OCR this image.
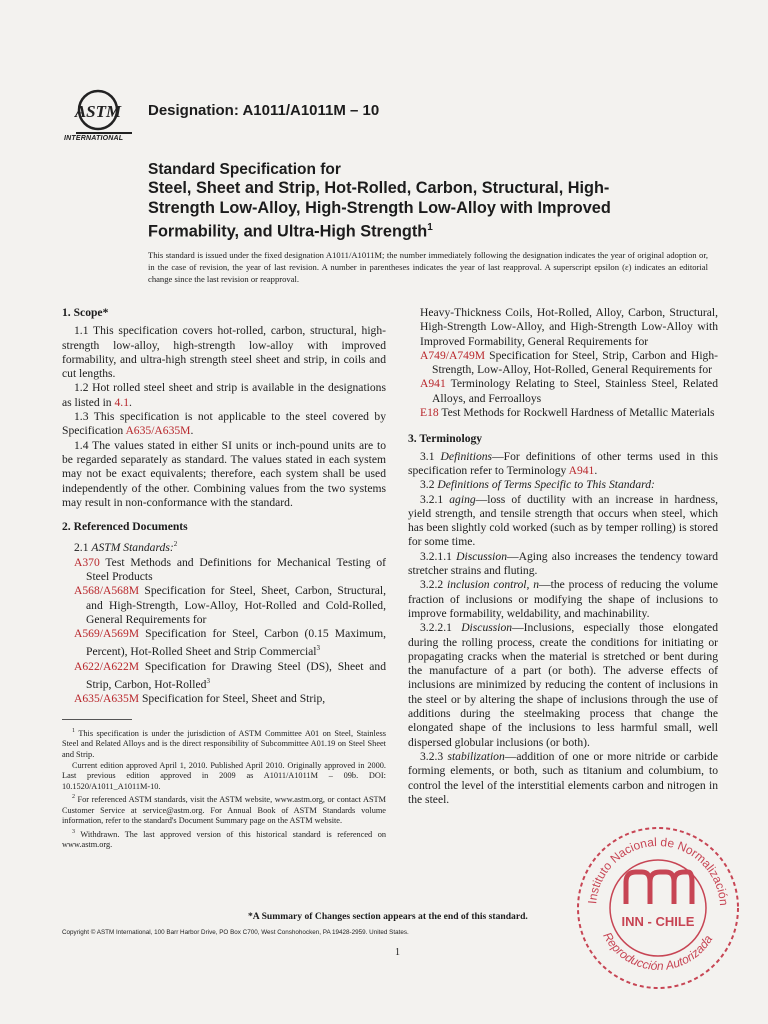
ASTM
INTERNATIONAL
Designation: A1011/A1011M – 10
Standard Specification for
Steel, Sheet and Strip, Hot-Rolled, Carbon, Structural, High-
Strength Low-Alloy, High-Strength Low-Alloy with Improved
Formability, and Ultra-High Strength$^1$
This standard is issued under the fixed designation A1011/A1011M; the number immediately following the designation indicates the year of original adoption or, in the case of revision, the year of last revision. A number in parentheses indicates the year of last reapproval. A superscript epsilon (ε) indicates an editorial change since the last revision or reapproval.

1. Scope*

1.1 This specification covers hot-rolled, carbon, structural, high-strength low-alloy, high-strength low-alloy with improved formability, and ultra-high strength steel sheet and strip, in coils and cut lengths.

1.2 Hot rolled steel sheet and strip is available in the designations as listed in 4.1.

1.3 This specification is not applicable to the steel covered by Specification A635/A635M.

1.4 The values stated in either SI units or inch-pound units are to be regarded separately as standard. The values stated in each system may not be exact equivalents; therefore, each system shall be used independently of the other. Combining values from the two systems may result in non-conformance with the standard.

2. Referenced Documents

2.1 ASTM Standards:$^2$

A370 Test Methods and Definitions for Mechanical Testing of Steel Products

A568/A568M Specification for Steel, Sheet, Carbon, Structural, and High-Strength, Low-Alloy, Hot-Rolled and Cold-Rolled, General Requirements for

A569/A569M Specification for Steel, Carbon (0.15 Maximum, Percent), Hot-Rolled Sheet and Strip Commercial$^3$

A622/A622M Specification for Drawing Steel (DS), Sheet and Strip, Carbon, Hot-Rolled$^3$

A635/A635M Specification for Steel, Sheet and Strip,

$^1$ This specification is under the jurisdiction of ASTM Committee A01 on Steel, Stainless Steel and Related Alloys and is the direct responsibility of Subcommittee A01.19 on Steel Sheet and Strip.

Current edition approved April 1, 2010. Published April 2010. Originally approved in 2000. Last previous edition approved in 2009 as A1011/A1011M – 09b. DOI: 10.1520/A1011_A1011M-10.

$^2$ For referenced ASTM standards, visit the ASTM website, www.astm.org, or contact ASTM Customer Service at service@astm.org. For Annual Book of ASTM Standards volume information, refer to the standard's Document Summary page on the ASTM website.

$^3$ Withdrawn. The last approved version of this historical standard is referenced on www.astm.org.

Heavy-Thickness Coils, Hot-Rolled, Alloy, Carbon, Structural, High-Strength Low-Alloy, and High-Strength Low-Alloy with Improved Formability, General Requirements for

A749/A749M Specification for Steel, Strip, Carbon and High-Strength, Low-Alloy, Hot-Rolled, General Requirements for

A941 Terminology Relating to Steel, Stainless Steel, Related Alloys, and Ferroalloys

E18 Test Methods for Rockwell Hardness of Metallic Materials

3. Terminology

3.1 Definitions—For definitions of other terms used in this specification refer to Terminology A941.

3.2 Definitions of Terms Specific to This Standard:

3.2.1 aging—loss of ductility with an increase in hardness, yield strength, and tensile strength that occurs when steel, which has been slightly cold worked (such as by temper rolling) is stored for some time.

3.2.1.1 Discussion—Aging also increases the tendency toward stretcher strains and fluting.

3.2.2 inclusion control, n—the process of reducing the volume fraction of inclusions or modifying the shape of inclusions to improve formability, weldability, and machinability.

3.2.2.1 Discussion—Inclusions, especially those elongated during the rolling process, create the conditions for initiating or propagating cracks when the material is stretched or bent during the manufacture of a part (or both). The adverse effects of inclusions are minimized by reducing the content of inclusions in the steel or by altering the shape of inclusions through the use of additions during the steelmaking process that change the elongated shape of the inclusions to less harmful small, well dispersed globular inclusions (or both).

3.2.3 stabilization—addition of one or more nitride or carbide forming elements, or both, such as titanium and columbium, to control the level of the interstitial elements carbon and nitrogen in the steel.

*A Summary of Changes section appears at the end of this standard.
Copyright © ASTM International, 100 Barr Harbor Drive, PO Box C700, West Conshohocken, PA 19428-2959. United States.
1
Instituto Nacional de Normalización
Reproducción Autorizada
INN - CHILE
